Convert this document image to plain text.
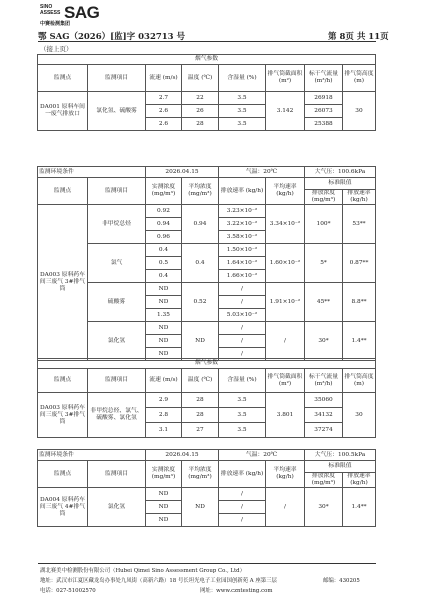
SINO
ASSESS SAG
中赛检测集团
鄂 SAG（2026）[监]字 032713 号	第 8页 共 11页
（接上页）
烟气参数							
监测点	监测项目	流速 (m/s)	温度 (℃)	含湿量 (%)	排气筒截面积 (m²)	标干气流量 (m³/h)	排气筒高度 (m)
DA001 原料车间一废气排放口	氯化氢、硫酸雾	2.7	22	3.5	3.142	26918	30
		2.6	26	3.5		26073	
		2.6	28	3.5		25388	
监测环境条件		2026.04.15		气温：20℃		大气压：100.6kPa	
监测点	监测项目	实测浓度 (mg/m³)	平均浓度 (mg/m³)	排放速率 (kg/h)	平均速率 (kg/h)	标准限值	
						排放浓度 (mg/m³)	排放速率 (kg/h)
DA003 原料药车间三废气 3#排气筒	非甲烷总烃	0.92	0.94	3.23×10⁻²	3.34×10⁻²	100*	53**
		0.94		3.22×10⁻²			
		0.96		3.58×10⁻²			
	氯气	0.4	0.4	1.50×10⁻²	1.60×10⁻²	5*	0.87**
		0.5		1.64×10⁻²			
		0.4		1.66×10⁻²			
	硫酸雾	ND	0.52	/	1.91×10⁻²	45**	8.8**
		ND		/			
		1.35		5.03×10⁻²			
	氯化氢	ND	ND	/	/	30*	1.4**
		ND		/			
		ND		/			
烟气参数							
监测点	监测项目	流速 (m/s)	温度 (℃)	含湿量 (%)	排气筒截面积 (m²)	标干气流量 (m³/h)	排气筒高度 (m)
DA003 原料药车间三废气 3#排气筒	非甲烷总烃、氯气、硫酸雾、氯化氢	2.9	28	3.5	3.801	35060	30
		2.8	28	3.5		34132	
		3.1	27	3.5		37274	
监测环境条件		2026.04.15		气温：20℃		大气压：100.5kPa	
监测点	监测项目	实测浓度 (mg/m³)	平均浓度 (mg/m³)	排放速率 (kg/h)	平均速率 (kg/h)	标准限值	
						排放浓度 (mg/m³)	排放速率 (kg/h)
DA004 原料药车间三废气 4#排气筒	氯化氢	ND	ND	/	/	30*	1.4**
		ND		/			
		ND		/			
湖北赛美中检测股份有限公司（Hubei Qimei Sino Assessment Group Co., Ltd）
地址：武汉市江夏区藏龙岛办事处九凤街（高新六路）18 号长坦光电子工业园国创新苑 A 座第三层	邮编：430205
电话：027-51002570	网址：www.czntesting.com
